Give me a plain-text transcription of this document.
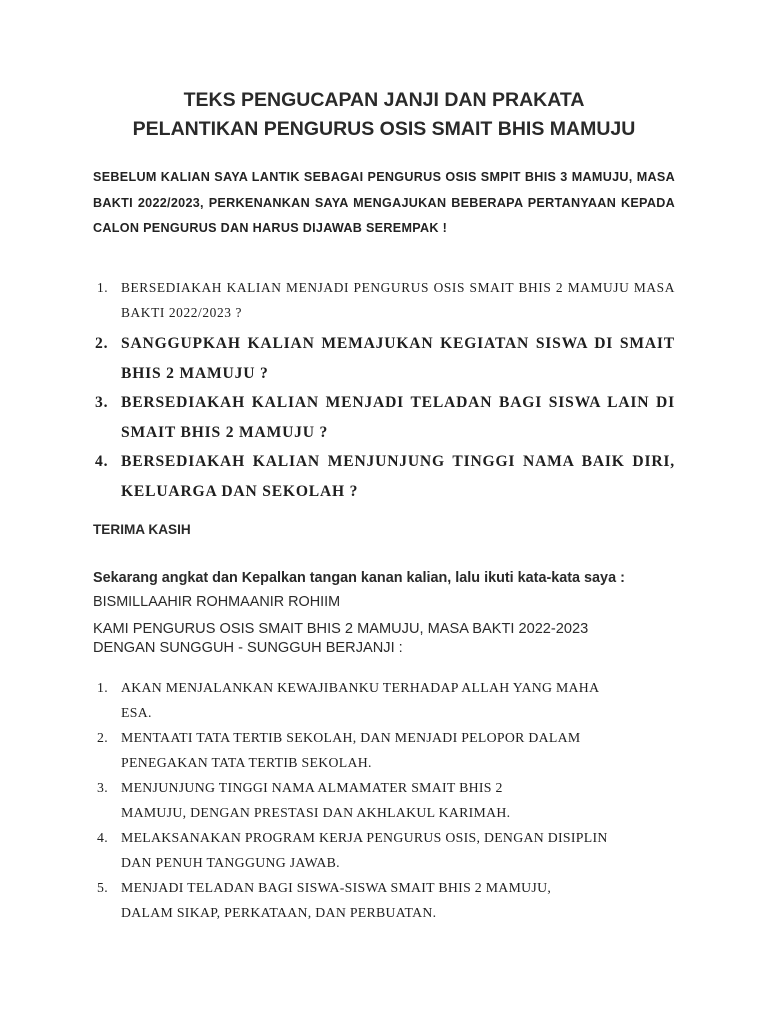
TEKS PENGUCAPAN JANJI DAN PRAKATA
PELANTIKAN PENGURUS OSIS SMAIT BHIS MAMUJU
SEBELUM KALIAN SAYA LANTIK SEBAGAI PENGURUS OSIS SMPIT BHIS 3 MAMUJU, MASA BAKTI 2022/2023, PERKENANKAN SAYA MENGAJUKAN BEBERAPA PERTANYAAN KEPADA CALON PENGURUS DAN HARUS DIJAWAB SEREMPAK !
1. BERSEDIAKAH KALIAN MENJADI PENGURUS OSIS SMAIT BHIS 2 MAMUJU MASA BAKTI 2022/2023 ?
2. SANGGUPKAH KALIAN MEMAJUKAN KEGIATAN SISWA DI SMAIT BHIS 2 MAMUJU ?
3. BERSEDIAKAH KALIAN MENJADI TELADAN BAGI SISWA LAIN DI SMAIT BHIS 2 MAMUJU ?
4. BERSEDIAKAH KALIAN MENJUNJUNG TINGGI NAMA BAIK DIRI, KELUARGA DAN SEKOLAH ?
TERIMA KASIH
Sekarang angkat dan Kepalkan tangan kanan kalian, lalu ikuti kata-kata saya :
BISMILLAAHIR ROHMAANIR ROHIIM
KAMI PENGURUS OSIS SMAIT BHIS 2 MAMUJU, MASA BAKTI 2022-2023
DENGAN SUNGGUH - SUNGGUH BERJANJI :
1. AKAN MENJALANKAN KEWAJIBANKU TERHADAP ALLAH YANG MAHA
ESA.
2. MENTAATI TATA TERTIB SEKOLAH, DAN MENJADI PELOPOR DALAM
PENEGAKAN TATA TERTIB SEKOLAH.
3. MENJUNJUNG TINGGI NAMA ALMAMATER SMAIT BHIS 2
MAMUJU, DENGAN PRESTASI DAN AKHLAKUL KARIMAH.
4. MELAKSANAKAN PROGRAM KERJA PENGURUS OSIS, DENGAN DISIPLIN
DAN PENUH TANGGUNG JAWAB.
5. MENJADI TELADAN BAGI SISWA-SISWA SMAIT BHIS 2 MAMUJU,
DALAM SIKAP, PERKATAAN, DAN PERBUATAN.
